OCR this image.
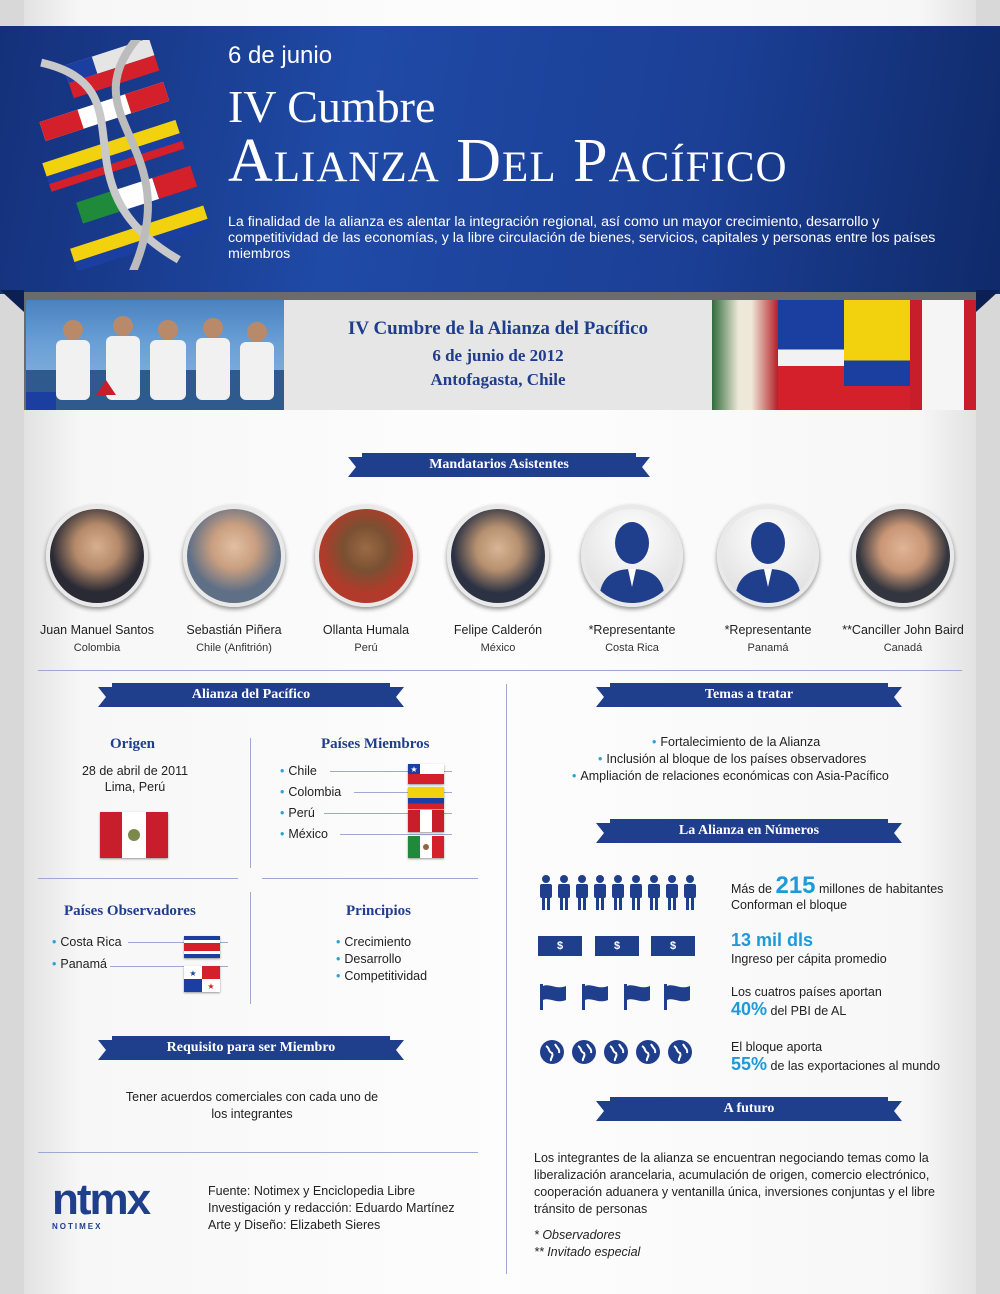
6 de junio
IV Cumbre
Alianza Del Pacífico
La finalidad de la alianza es alentar la integración regional, así como un mayor crecimiento, desarrollo y competitividad de las economías, y la libre circulación de bienes, servicios, capitales y personas entre los países miembros
IV Cumbre de la Alianza del Pacífico
6 de junio de 2012
Antofagasta, Chile
Mandatarios Asistentes
Juan Manuel Santos
Colombia
Sebastián Piñera
Chile (Anfitrión)
Ollanta Humala
Perú
Felipe Calderón
México
*Representante
Costa Rica
*Representante
Panamá
**Canciller John Baird
Canadá
Alianza del Pacífico
Origen
28 de abril de 2011
Lima, Perú
Países Miembros
• Chile
• Colombia
• Perú
• México
★
Países Observadores
• Costa Rica
• Panamá
★
★
Principios
• Crecimiento
• Desarrollo
• Competitividad
Requisito para ser Miembro
Tener acuerdos comerciales con cada uno de
los integrantes
ntmx
NOTIMEX
Fuente: Notimex y Enciclopedia Libre
Investigación y redacción: Eduardo Martínez
Arte y Diseño: Elizabeth Sieres
Temas a tratar
• Fortalecimiento de la Alianza
• Inclusión al bloque de los países observadores
• Ampliación de relaciones económicas con Asia-Pacífico
La Alianza en Números
Más de 215 millones de habitantes
Conforman el bloque
$	$	$	13 mil dls
Ingreso per cápita promedio
Los cuatros países aportan
40% del PBI de AL
El bloque aporta
55% de las exportaciones al mundo
A futuro
Los integrantes de la alianza se encuentran negociando temas como la liberalización arancelaria, acumulación de origen, comercio electrónico, cooperación aduanera y ventanilla única, inversiones conjuntas y el libre tránsito de personas
* Observadores
** Invitado especial
